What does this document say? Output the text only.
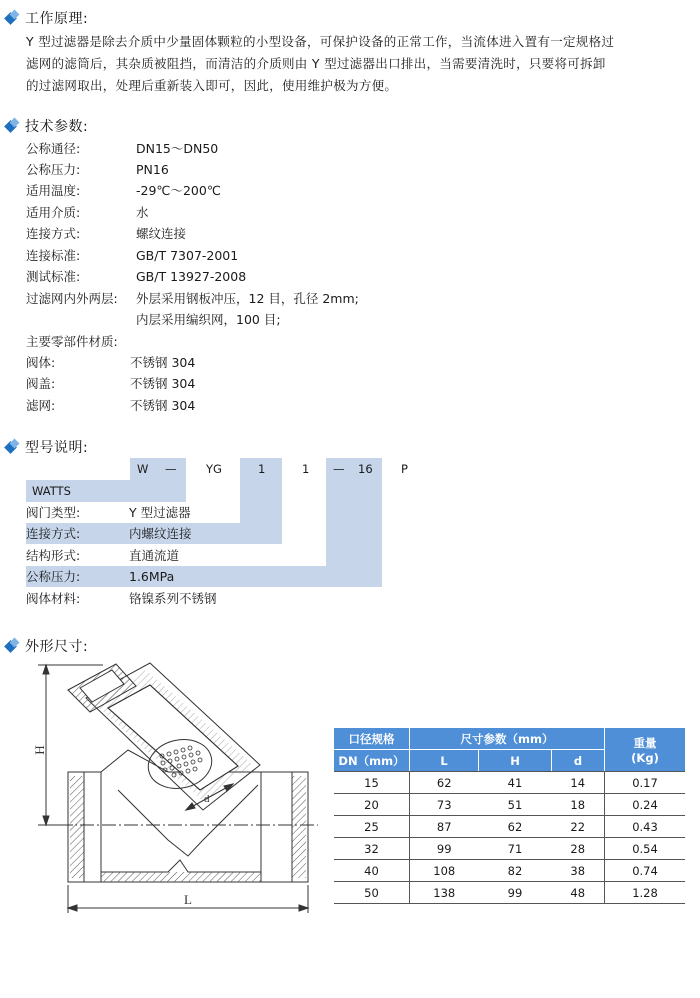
工作原理:
Y 型过滤器是除去介质中少量固体颗粒的小型设备，可保护设备的正常工作，当流体进入置有一定规格过
滤网的滤筒后，其杂质被阻挡，而清洁的介质则由 Y 型过滤器出口排出，当需要清洗时，只要将可拆卸
的过滤网取出，处理后重新装入即可，因此，使用维护极为方便。
技术参数:
公称通径:	DN15～DN50
公称压力:	PN16
适用温度:	-29℃～200℃
适用介质:	水
连接方式:	螺纹连接
连接标准:	GB/T 7307-2001
测试标准:	GB/T 13927-2008
过滤网内外两层: 外层采用钢板冲压，12 目，孔径 2mm;
内层采用编织网，100 目;
主要零部件材质:
阀体:	不锈钢 304
阀盖:	不锈钢 304
滤网:	不锈钢 304
型号说明:
W —	YG	1	1 — 16 P
WATTS
阀门类型:	Y 型过滤器
连接方式:	内螺纹连接
结构形式:	直通流道
公称压力:	1.6MPa
阀体材料:	铬镍系列不锈钢
外形尺寸:
H
L
d
口径规格	尺寸参数（mm）			重量
(Kg)
DN（mm）	L	H	d	
15	62	41	14	0.17
20	73	51	18	0.24
25	87	62	22	0.43
32	99	71	28	0.54
40	108	82	38	0.74
50	138	99	48	1.28
